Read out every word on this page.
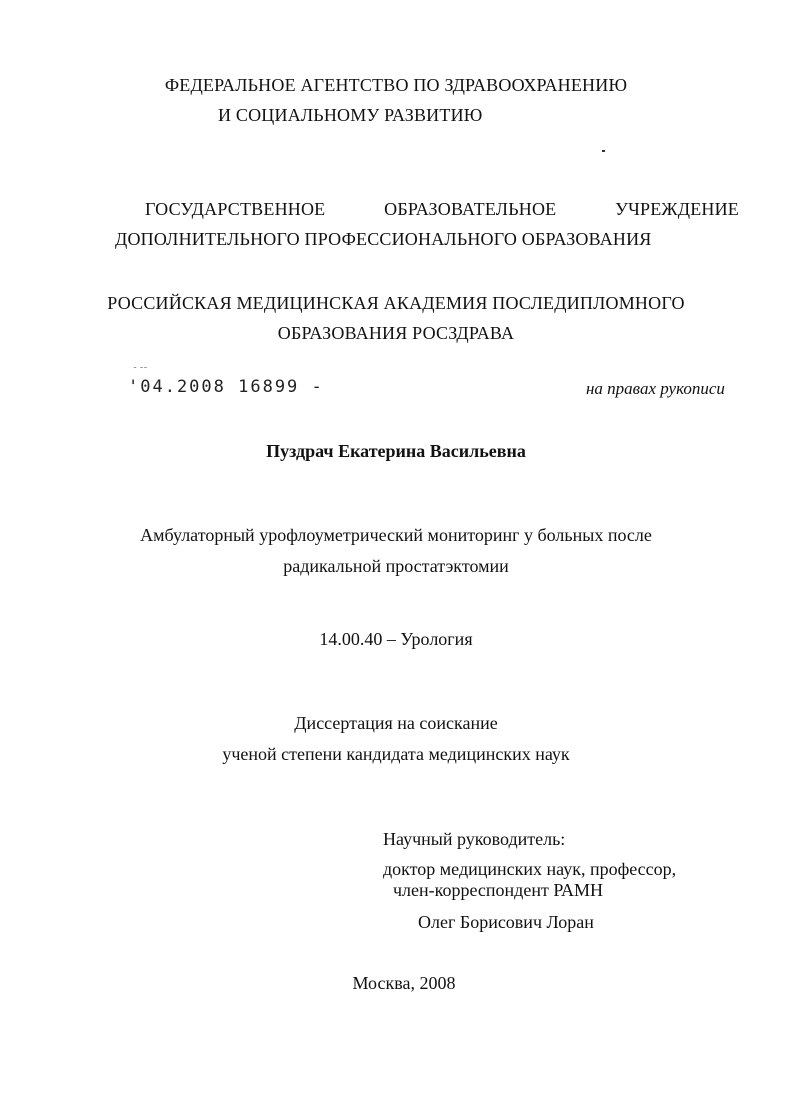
ФЕДЕРАЛЬНОЕ АГЕНТСТВО ПО ЗДРАВООХРАНЕНИЮ
И СОЦИАЛЬНОМУ РАЗВИТИЮ
ГОСУДАРСТВЕННОЕ	ОБРАЗОВАТЕЛЬНОЕ	УЧРЕЖДЕНИЕ
ДОПОЛНИТЕЛЬНОГО ПРОФЕССИОНАЛЬНОГО ОБРАЗОВАНИЯ
РОССИЙСКАЯ МЕДИЦИНСКАЯ АКАДЕМИЯ ПОСЛЕДИПЛОМНОГО
ОБРАЗОВАНИЯ РОСЗДРАВА
˜ ˜˜
'04.2008 16899 -	на правах рукописи
Пуздрач Екатерина Васильевна
Амбулаторный урофлоуметрический мониторинг у больных после
радикальной простатэктомии
14.00.40 – Урология
Диссертация на соискание
ученой степени кандидата медицинских наук
Научный руководитель:
доктор медицинских наук, профессор,
член-корреспондент РАМН
Олег Борисович Лоран
Москва, 2008
